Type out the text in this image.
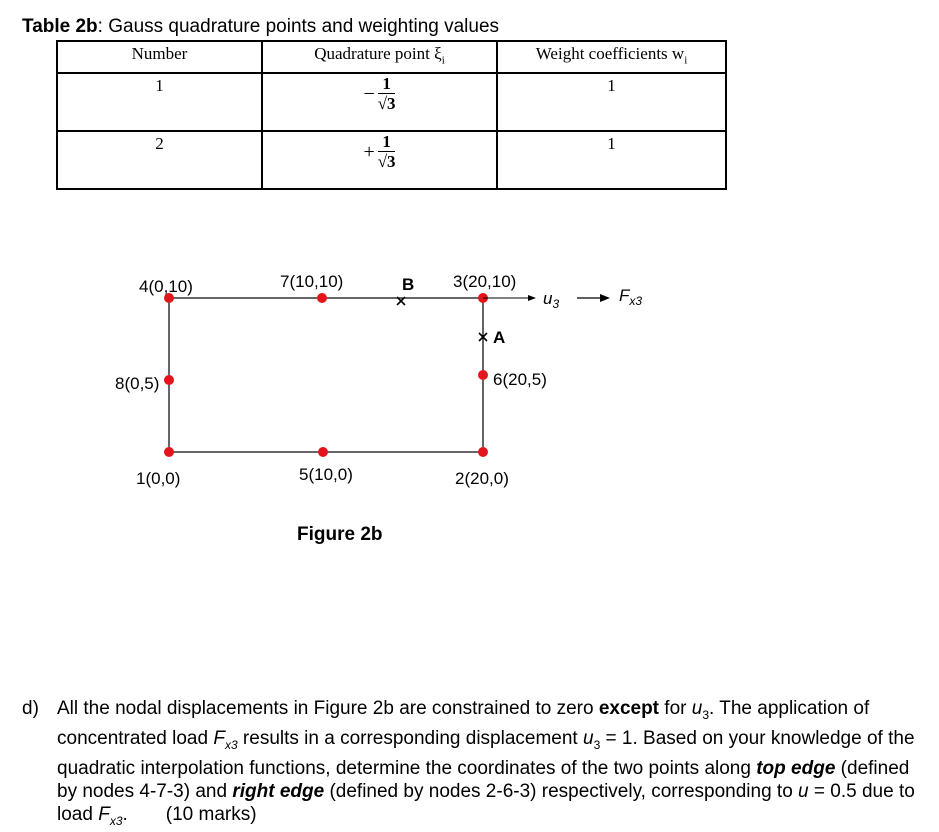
Table 2b: Gauss quadrature points and weighting values
Number	Quadrature point $\xi_i$	Weight coefficients $w_i$
1	− $\frac{1}{√3}$	1
2	+ $\frac{1}{√3}$	1
1(0,0)	2(20,0)
3(20,10)
4(0,10)
5(10,0)
6(20,5)
7(10,10)
8(0,5)
B
A
$u_3$	$F_{x3}$
Figure 2b
d) All the nodal displacements in Figure 2b are constrained to zero except for $u_3$. The application of concentrated load $F_{x3}$ results in a corresponding displacement $u_3 = 1$. Based on your knowledge of the quadratic interpolation functions, determine the coordinates of the two points along top edge (defined by nodes 4-7-3) and right edge (defined by nodes 2-6-3) respectively, corresponding to u = 0.5 due to load $F_{x3}$. (10 marks)
